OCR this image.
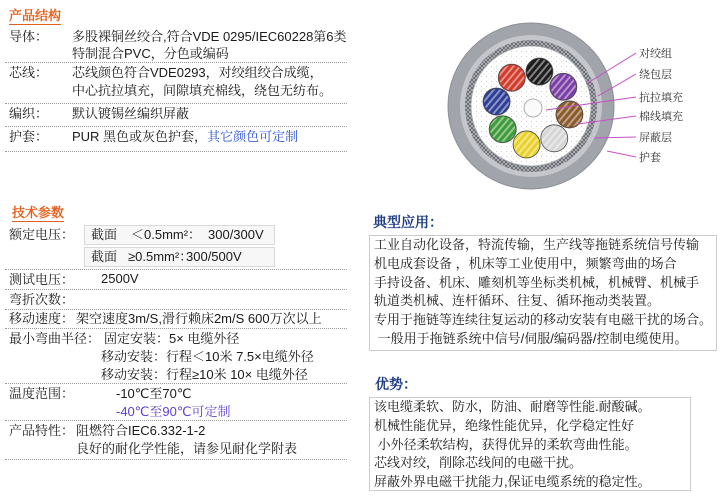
产品结构
导体： 多股裸铜丝绞合,符合VDE 0295/IEC60228第6类
特制混合PVC，分色或编码
芯线： 芯线颜色符合VDE0293，对绞组绞合成缆，
中心抗拉填充，间隙填充棉线，绕包无纺布。
编织： 默认镀锡丝编织屏蔽
护套： PUR 黑色或灰色护套，其它颜色可定制
技术参数
额定电压： 截面 ＜0.5mm²： 300/300V
截面 ≥0.5mm²：
300/500V
测试电压： 2500V
弯折次数：
移动速度： 架空速度3m/S,滑行赖床2m/S 600万次以上
最小弯曲半径： 固定安装：5× 电缆外径
移动安装：行程＜10米 7.5×电缆外径
移动安装：行程≥10米 10× 电缆外径
温度范围：	-10℃至70℃
-40℃至90℃可定制
产品特性： 阻燃符合IEC6.332-1-2
良好的耐化学性能，请参见耐化学附表
对绞组
绕包层
抗拉填充
棉线填充
屏蔽层
护套
典型应用：
工业自动化设备，特流传输，生产线等拖链系统信号传输
机电成套设备 ，机床等工业使用中，频繁弯曲的场合
手持设备、机床、雕刻机等坐标类机械，机械臂、机械手
轨道类机械、连杆循环、往复、循环拖动类装置。
专用于拖链等连续往复运动的移动安装有电磁干扰的场合。
一般用于拖链系统中信号/伺服/编码器/控制电缆使用。
优势：
该电缆柔软、防水，防油、耐磨等性能.耐酸碱。
机械性能优异，绝缘性能优异，化学稳定性好
小外径柔软结构，获得优异的柔软弯曲性能。
芯线对绞，削除芯线间的电磁干扰。
屏蔽外界电磁干扰能力,保证电缆系统的稳定性。
